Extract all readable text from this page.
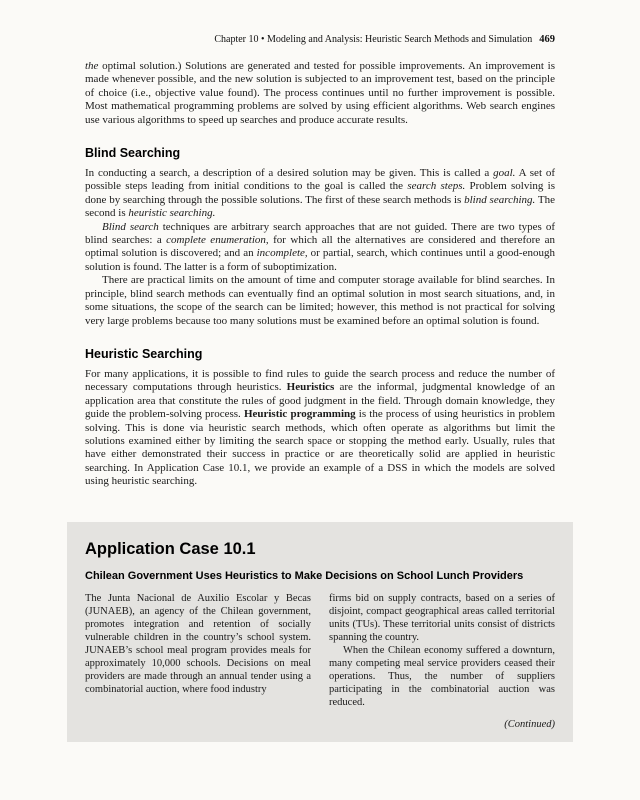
Chapter 10 • Modeling and Analysis: Heuristic Search Methods and Simulation 469

the optimal solution.) Solutions are generated and tested for possible improvements. An improvement is made whenever possible, and the new solution is subjected to an improvement test, based on the principle of choice (i.e., objective value found). The process continues until no further improvement is possible. Most mathematical programming problems are solved by using efficient algorithms. Web search engines use various algorithms to speed up searches and produce accurate results.

Blind Searching

In conducting a search, a description of a desired solution may be given. This is called a goal. A set of possible steps leading from initial conditions to the goal is called the search steps. Problem solving is done by searching through the possible solutions. The first of these search methods is blind searching. The second is heuristic searching.

Blind search techniques are arbitrary search approaches that are not guided. There are two types of blind searches: a complete enumeration, for which all the alternatives are considered and therefore an optimal solution is discovered; and an incomplete, or partial, search, which continues until a good-enough solution is found. The latter is a form of suboptimization.

There are practical limits on the amount of time and computer storage available for blind searches. In principle, blind search methods can eventually find an optimal solution in most search situations, and, in some situations, the scope of the search can be limited; however, this method is not practical for solving very large problems because too many solutions must be examined before an optimal solution is found.

Heuristic Searching

For many applications, it is possible to find rules to guide the search process and reduce the number of necessary computations through heuristics. Heuristics are the informal, judgmental knowledge of an application area that constitute the rules of good judgment in the field. Through domain knowledge, they guide the problem-solving process. Heuristic programming is the process of using heuristics in problem solving. This is done via heuristic search methods, which often operate as algorithms but limit the solutions examined either by limiting the search space or stopping the method early. Usually, rules that have either demonstrated their success in practice or are theoretically solid are applied in heuristic searching. In Application Case 10.1, we provide an example of a DSS in which the models are solved using heuristic searching.

Application Case 10.1
Chilean Government Uses Heuristics to Make Decisions on School Lunch Providers

The Junta Nacional de Auxilio Escolar y Becas (JUNAEB), an agency of the Chilean government, promotes integration and retention of socially vulnerable children in the country’s school system. JUNAEB’s school meal program provides meals for approximately 10,000 schools. Decisions on meal providers are made through an annual tender using a combinatorial auction, where food industry

firms bid on supply contracts, based on a series of disjoint, compact geographical areas called territorial units (TUs). These territorial units consist of districts spanning the country.

When the Chilean economy suffered a downturn, many competing meal service providers ceased their operations. Thus, the number of suppliers participating in the combinatorial auction was reduced.

(Continued)
